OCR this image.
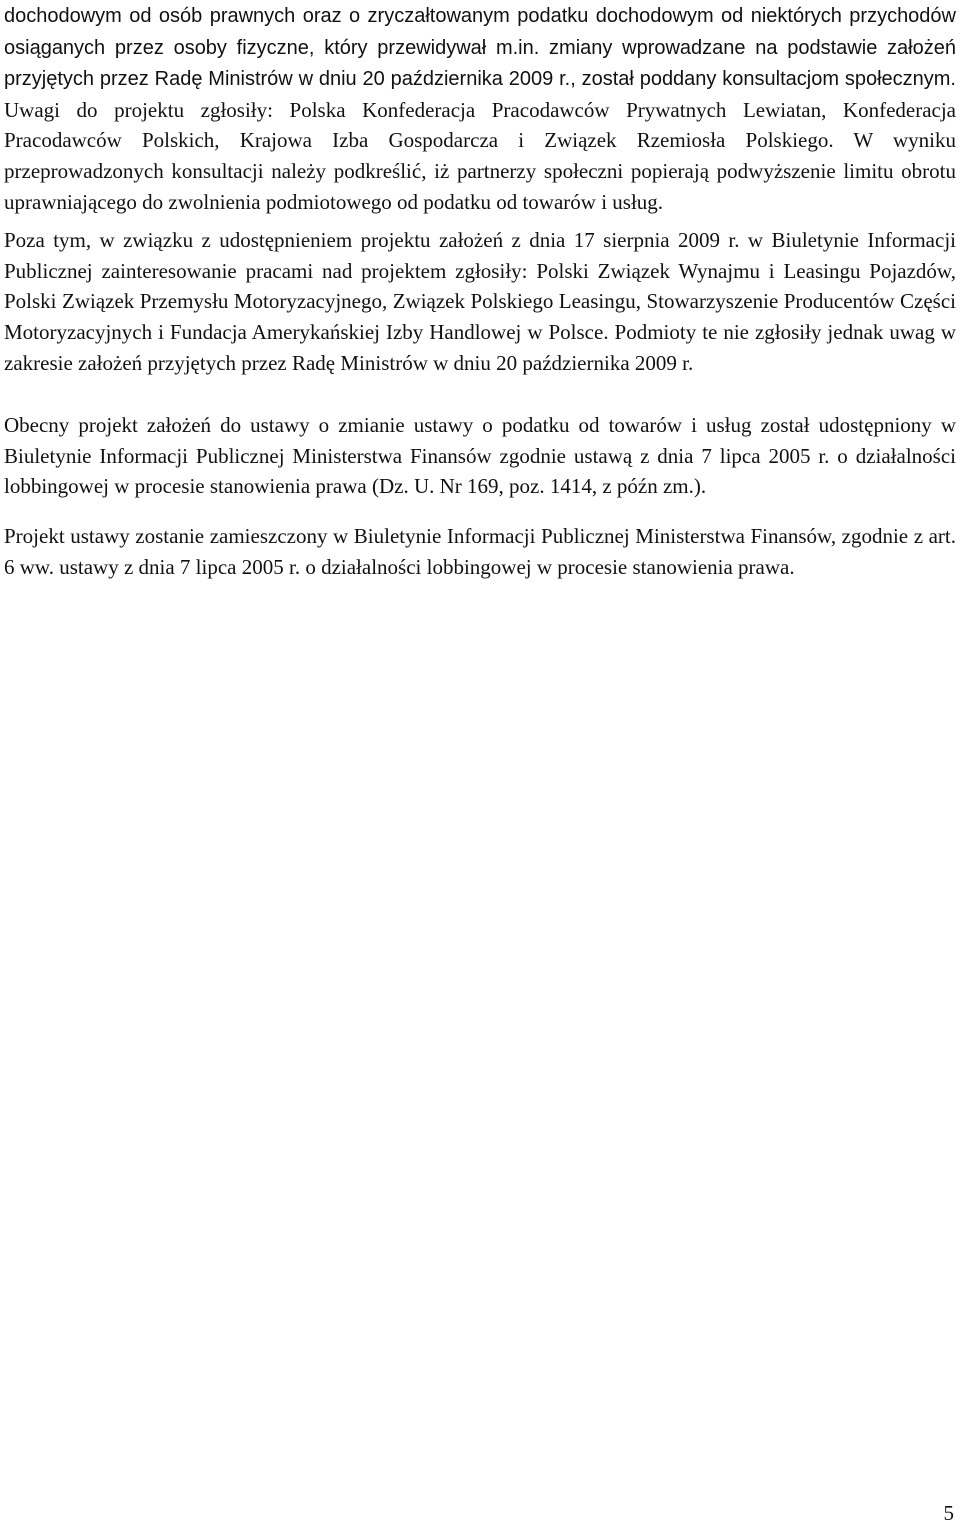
dochodowym od osób prawnych oraz o zryczałtowanym podatku dochodowym od niektórych przychodów osiąganych przez osoby fizyczne, który przewidywał m.in. zmiany wprowadzane na podstawie założeń przyjętych przez Radę Ministrów w dniu 20 października 2009 r., został poddany konsultacjom społecznym. Uwagi do projektu zgłosiły: Polska Konfederacja Pracodawców Prywatnych Lewiatan, Konfederacja Pracodawców Polskich, Krajowa Izba Gospodarcza i Związek Rzemiosła Polskiego. W wyniku przeprowadzonych konsultacji należy podkreślić, iż partnerzy społeczni popierają podwyższenie limitu obrotu uprawniającego do zwolnienia podmiotowego od podatku od towarów i usług.

Poza tym, w związku z udostępnieniem projektu założeń z dnia 17 sierpnia 2009 r. w Biuletynie Informacji Publicznej zainteresowanie pracami nad projektem zgłosiły: Polski Związek Wynajmu i Leasingu Pojazdów, Polski Związek Przemysłu Motoryzacyjnego, Związek Polskiego Leasingu, Stowarzyszenie Producentów Części Motoryzacyjnych i Fundacja Amerykańskiej Izby Handlowej w Polsce. Podmioty te nie zgłosiły jednak uwag w zakresie założeń przyjętych przez Radę Ministrów w dniu 20 października 2009 r.

Obecny projekt założeń do ustawy o zmianie ustawy o podatku od towarów i usług został udostępniony w Biuletynie Informacji Publicznej Ministerstwa Finansów zgodnie ustawą z dnia 7 lipca 2005 r. o działalności lobbingowej w procesie stanowienia prawa (Dz. U. Nr 169, poz. 1414, z późn zm.).

Projekt ustawy zostanie zamieszczony w Biuletynie Informacji Publicznej Ministerstwa Finansów, zgodnie z art. 6 ww. ustawy z dnia 7 lipca 2005 r. o działalności lobbingowej w procesie stanowienia prawa.

5
